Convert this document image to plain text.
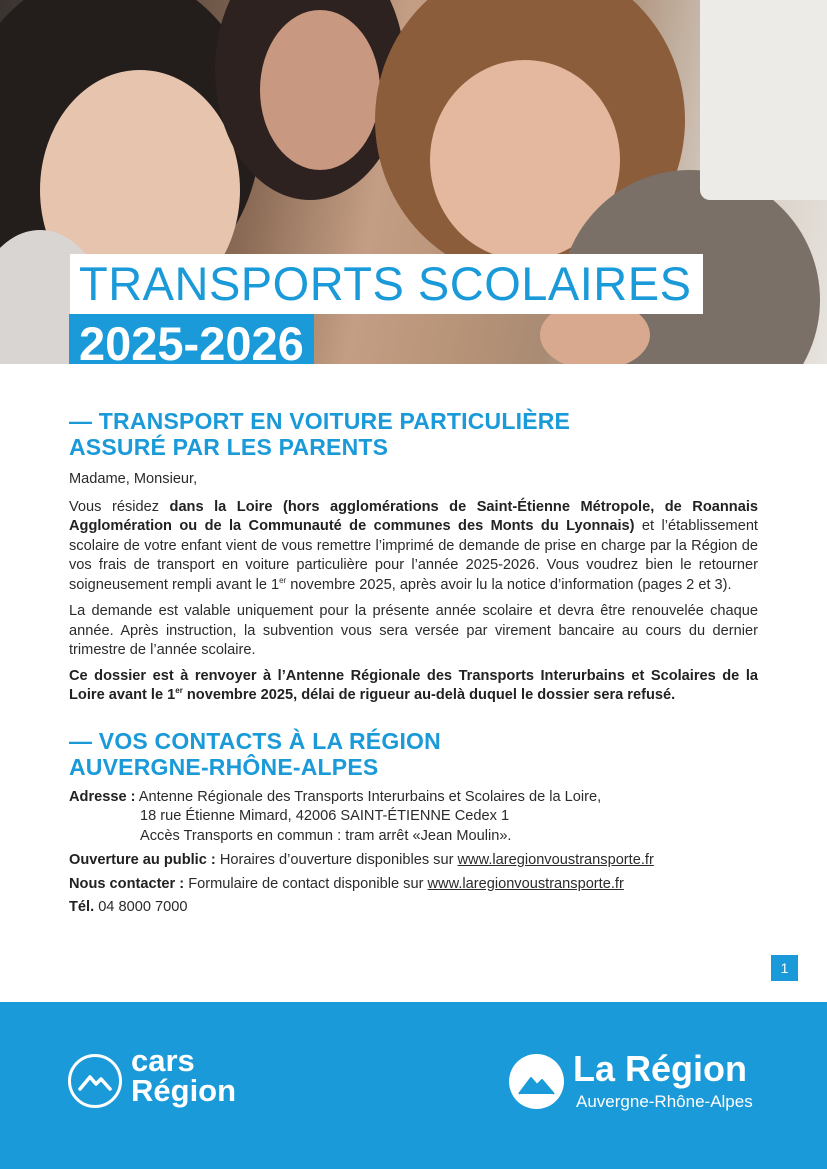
TRANSPORTS SCOLAIRES
2025-2026
— TRANSPORT EN VOITURE PARTICULIÈRE
ASSURÉ PAR LES PARENTS

Madame, Monsieur,

Vous résidez dans la Loire (hors agglomérations de Saint-Étienne Métropole, de Roannais Agglomération ou de la Communauté de communes des Monts du Lyonnais) et l’établissement scolaire de votre enfant vient de vous remettre l’imprimé de demande de prise en charge par la Région de vos frais de transport en voiture particulière pour l’année 2025-2026. Vous voudrez bien le retourner soigneusement rempli avant le 1er novembre 2025, après avoir lu la notice d’information (pages 2 et 3).

La demande est valable uniquement pour la présente année scolaire et devra être renouvelée chaque année. Après instruction, la subvention vous sera versée par virement bancaire au cours du dernier trimestre de l’année scolaire.

Ce dossier est à renvoyer à l’Antenne Régionale des Transports Interurbains et Scolaires de la Loire avant le 1er novembre 2025, délai de rigueur au-delà duquel le dossier sera refusé.

— VOS CONTACTS À LA RÉGION
AUVERGNE-RHÔNE-ALPES

Adresse : Antenne Régionale des Transports Interurbains et Scolaires de la Loire,

18 rue Étienne Mimard, 42006 SAINT-ÉTIENNE Cedex 1

Accès Transports en commun : tram arrêt «Jean Moulin».

Ouverture au public : Horaires d’ouverture disponibles sur www.laregionvoustransporte.fr

Nous contacter : Formulaire de contact disponible sur www.laregionvoustransporte.fr

Tél. 04 8000 7000

1
cars
Région
La Région
Auvergne-Rhône-Alpes
